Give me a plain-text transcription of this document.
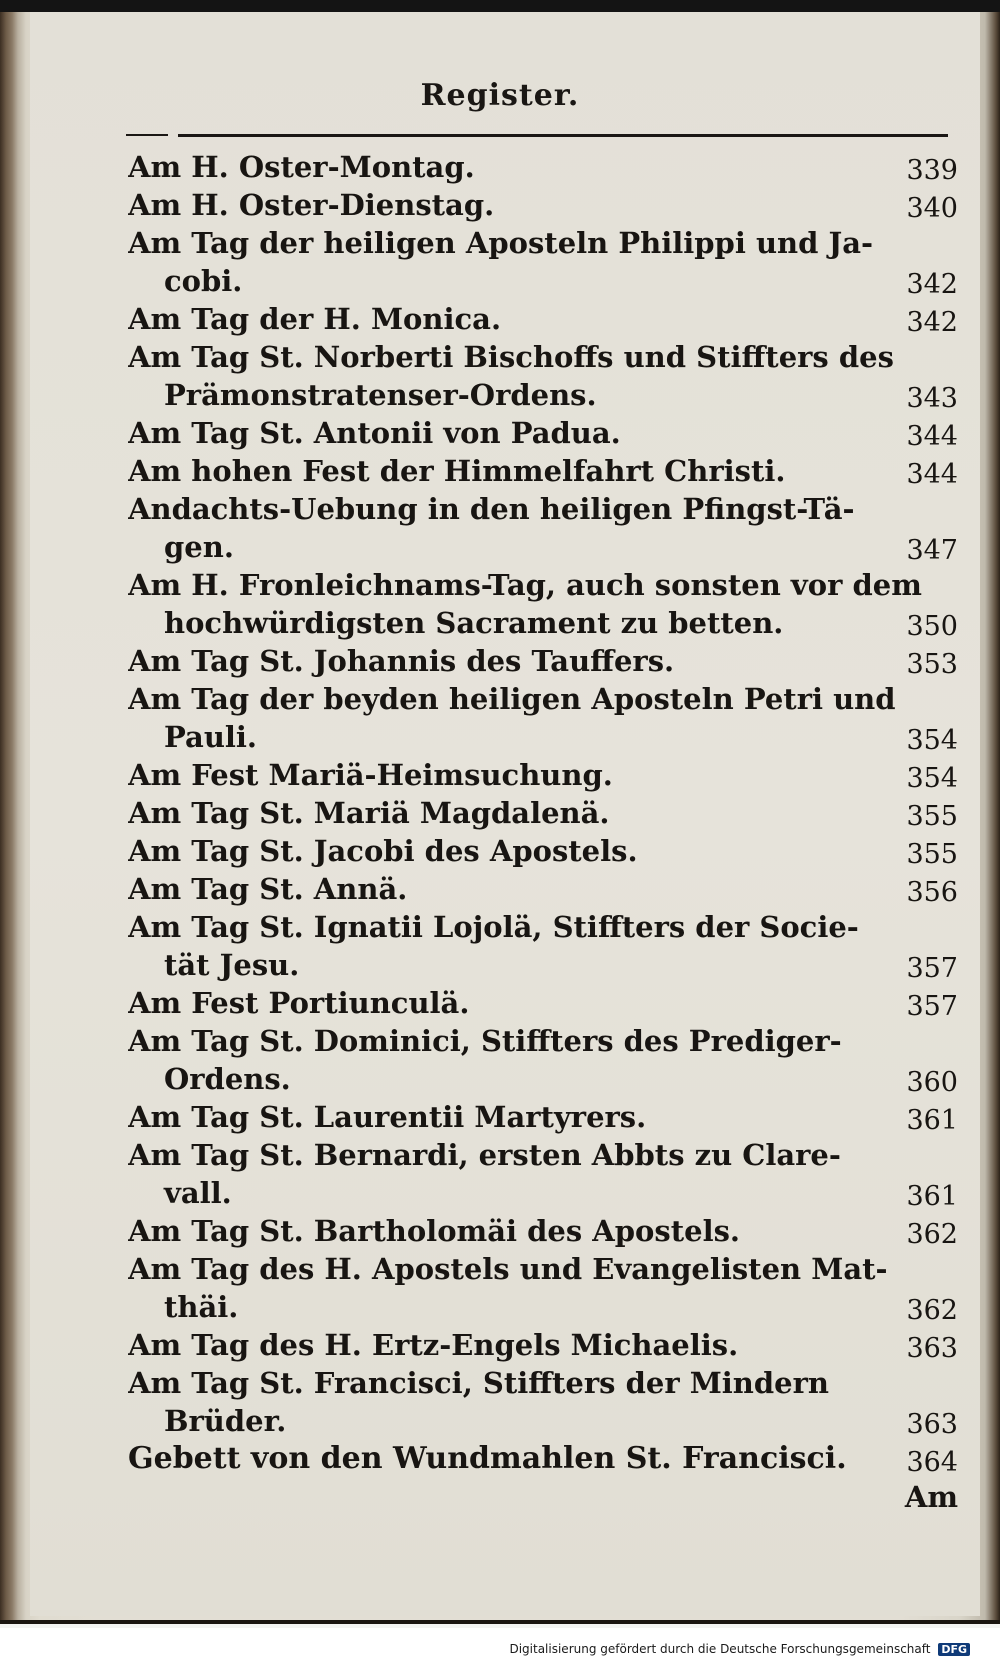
Register.
Am H. Oster-Montag.	339
Am H. Oster-Dienstag.	340
Am Tag der heiligen Aposteln Philippi und Ja-
cobi.	342
Am Tag der H. Monica.	342
Am Tag St. Norberti Bischoffs und Stiffters des
Prämonstratenser-Ordens.	343
Am Tag St. Antonii von Padua.	344
Am hohen Fest der Himmelfahrt Christi.	344
Andachts-Uebung in den heiligen Pfingst-Tä-
gen.	347
Am H. Fronleichnams-Tag, auch sonsten vor dem
hochwürdigsten Sacrament zu betten.	350
Am Tag St. Johannis des Tauffers.	353
Am Tag der beyden heiligen Aposteln Petri und
Pauli.	354
Am Fest Mariä-Heimsuchung.	354
Am Tag St. Mariä Magdalenä.	355
Am Tag St. Jacobi des Apostels.	355
Am Tag St. Annä.	356
Am Tag St. Ignatii Lojolä, Stiffters der Socie-
tät Jesu.	357
Am Fest Portiunculä.	357
Am Tag St. Dominici, Stiffters des Prediger-
Ordens.	360
Am Tag St. Laurentii Martyrers.	361
Am Tag St. Bernardi, ersten Abbts zu Clare-
vall.	361
Am Tag St. Bartholomäi des Apostels.	362
Am Tag des H. Apostels und Evangelisten Mat-
thäi.	362
Am Tag des H. Ertz-Engels Michaelis.	363
Am Tag St. Francisci, Stiffters der Mindern
Brüder.	363
Gebett von den Wundmahlen St. Francisci.	364
Am
Digitalisierung gefördert durch die Deutsche Forschungsgemeinschaft DFG
